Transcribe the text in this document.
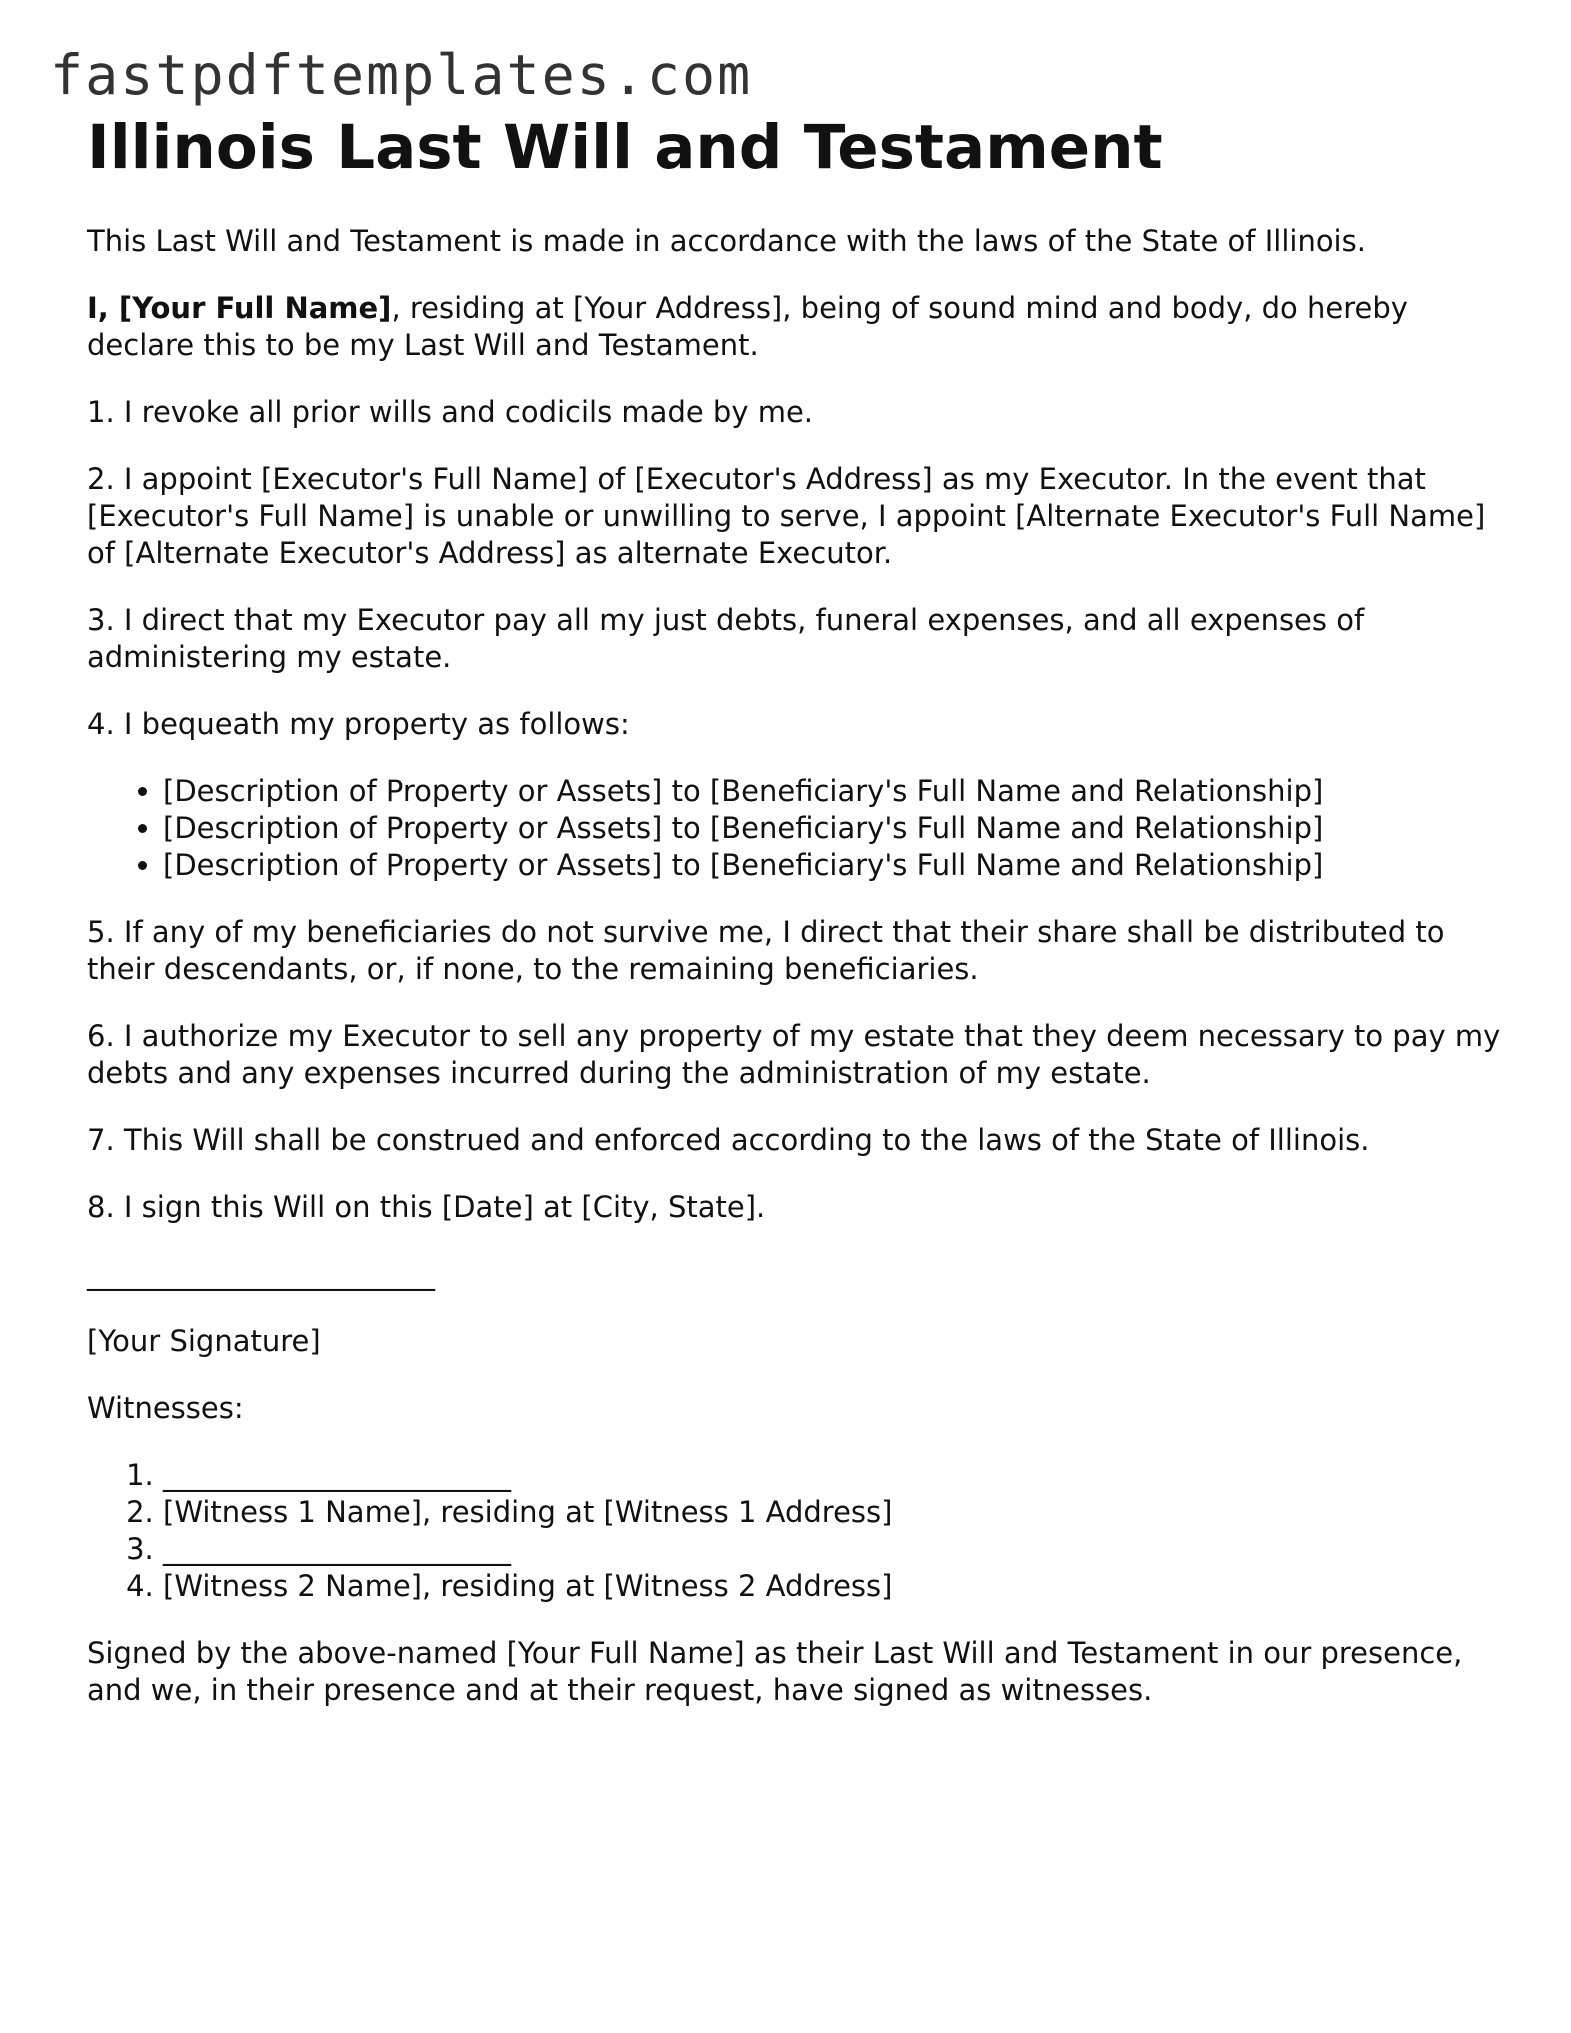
fastpdftemplates.com
Illinois Last Will and Testament

This Last Will and Testament is made in accordance with the laws of the State of Illinois.

I, [Your Full Name], residing at [Your Address], being of sound mind and body, do hereby declare this to be my Last Will and Testament.

1. I revoke all prior wills and codicils made by me.

2. I appoint [Executor's Full Name] of [Executor's Address] as my Executor. In the event that [Executor's Full Name] is unable or unwilling to serve, I appoint [Alternate Executor's Full Name] of [Alternate Executor's Address] as alternate Executor.

3. I direct that my Executor pay all my just debts, funeral expenses, and all expenses of administering my estate.

4. I bequeath my property as follows:

• [Description of Property or Assets] to [Beneficiary's Full Name and Relationship]
• [Description of Property or Assets] to [Beneficiary's Full Name and Relationship]
• [Description of Property or Assets] to [Beneficiary's Full Name and Relationship]

5. If any of my beneficiaries do not survive me, I direct that their share shall be distributed to their descendants, or, if none, to the remaining beneficiaries.

6. I authorize my Executor to sell any property of my estate that they deem necessary to pay my debts and any expenses incurred during the administration of my estate.

7. This Will shall be construed and enforced according to the laws of the State of Illinois.

8. I sign this Will on this [Date] at [City, State].

________________________

[Your Signature]

Witnesses:

1. ________________________
2. [Witness 1 Name], residing at [Witness 1 Address]
3. ________________________
4. [Witness 2 Name], residing at [Witness 2 Address]

Signed by the above-named [Your Full Name] as their Last Will and Testament in our presence, and we, in their presence and at their request, have signed as witnesses.
